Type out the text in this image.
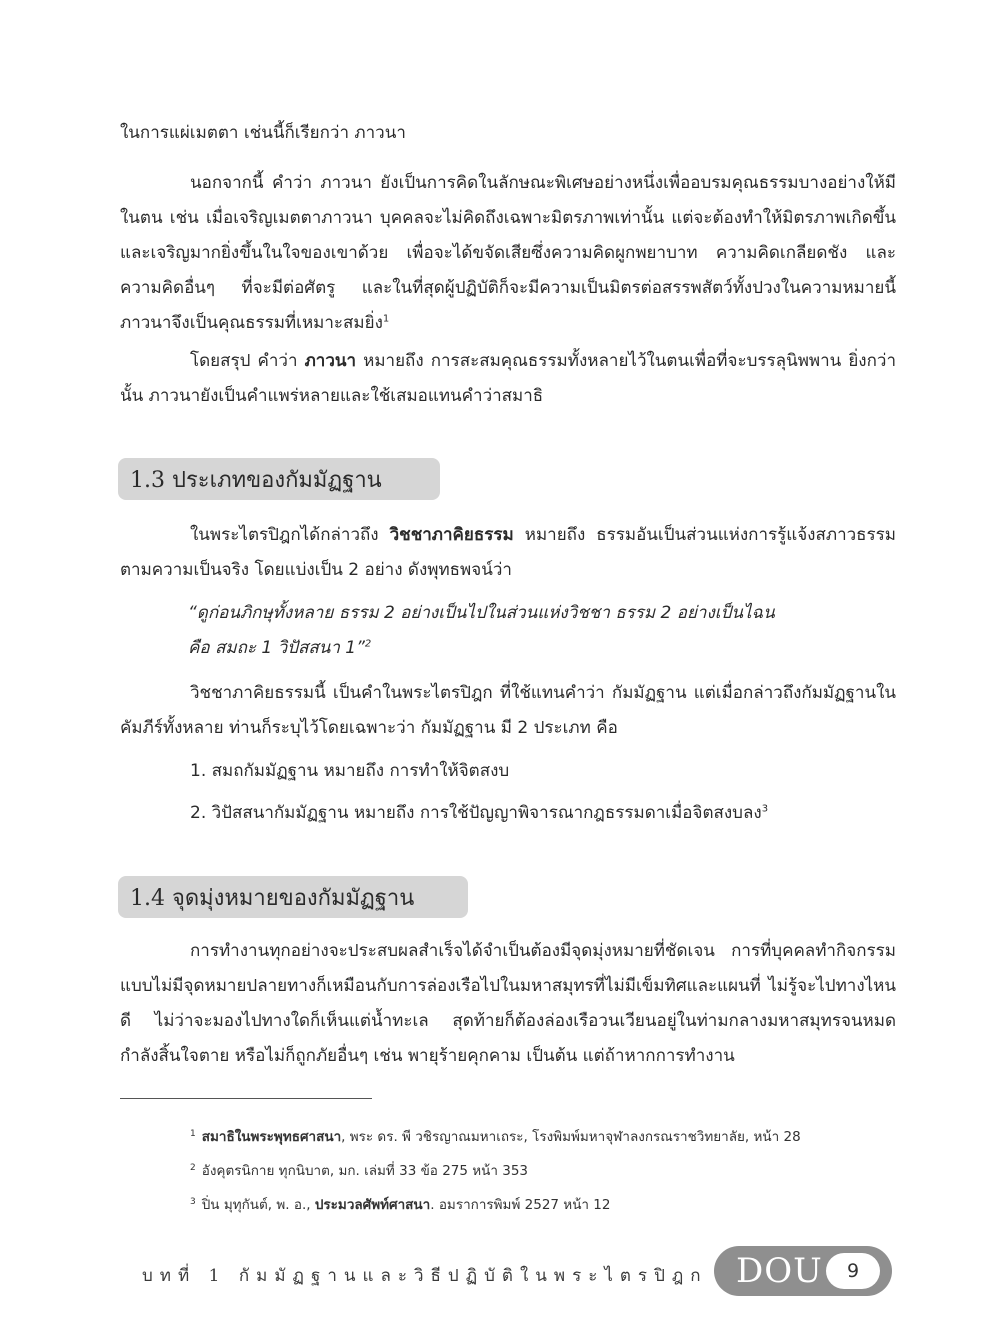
ในการแผ่เมตตา เช่นนี้ก็เรียกว่า ภาวนา

นอกจากนี้ คำว่า ภาวนา ยังเป็นการคิดในลักษณะพิเศษอย่างหนึ่งเพื่ออบรมคุณธรรมบางอย่างให้มีในตน เช่น เมื่อเจริญเมตตาภาวนา บุคคลจะไม่คิดถึงเฉพาะมิตรภาพเท่านั้น แต่จะต้องทำให้มิตรภาพเกิดขึ้นและเจริญมากยิ่งขึ้นในใจของเขาด้วย เพื่อจะได้ขจัดเสียซึ่งความคิดผูกพยาบาท ความคิดเกลียดชัง และความคิดอื่นๆ ที่จะมีต่อศัตรู และในที่สุดผู้ปฏิบัติก็จะมีความเป็นมิตรต่อสรรพสัตว์ทั้งปวงในความหมายนี้ภาวนาจึงเป็นคุณธรรมที่เหมาะสมยิ่ง$^1$

โดยสรุป คำว่า ภาวนา หมายถึง การสะสมคุณธรรมทั้งหลายไว้ในตนเพื่อที่จะบรรลุนิพพาน ยิ่งกว่านั้น ภาวนายังเป็นคำแพร่หลายและใช้เสมอแทนคำว่าสมาธิ

1.3 ประเภทของกัมมัฏฐาน

ในพระไตรปิฎกได้กล่าวถึง วิชชาภาคิยธรรม หมายถึง ธรรมอันเป็นส่วนแห่งการรู้แจ้งสภาวธรรมตามความเป็นจริง โดยแบ่งเป็น 2 อย่าง ดังพุทธพจน์ว่า

“ดูก่อนภิกษุทั้งหลาย ธรรม 2 อย่างเป็นไปในส่วนแห่งวิชชา ธรรม 2 อย่างเป็นไฉน
คือ สมถะ 1 วิปัสสนา 1”$^2$

วิชชาภาคิยธรรมนี้ เป็นคำในพระไตรปิฎก ที่ใช้แทนคำว่า กัมมัฏฐาน แต่เมื่อกล่าวถึงกัมมัฏฐานในคัมภีร์ทั้งหลาย ท่านก็ระบุไว้โดยเฉพาะว่า กัมมัฏฐาน มี 2 ประเภท คือ

1. สมถกัมมัฏฐาน หมายถึง การทำให้จิตสงบ

2. วิปัสสนากัมมัฏฐาน หมายถึง การใช้ปัญญาพิจารณากฎธรรมดาเมื่อจิตสงบลง$^3$

1.4 จุดมุ่งหมายของกัมมัฏฐาน

การทำงานทุกอย่างจะประสบผลสำเร็จได้จำเป็นต้องมีจุดมุ่งหมายที่ชัดเจน การที่บุคคลทำกิจกรรมแบบไม่มีจุดหมายปลายทางก็เหมือนกับการล่องเรือไปในมหาสมุทรที่ไม่มีเข็มทิศและแผนที่ ไม่รู้จะไปทางไหนดี ไม่ว่าจะมองไปทางใดก็เห็นแต่น้ำทะเล สุดท้ายก็ต้องล่องเรือวนเวียนอยู่ในท่ามกลางมหาสมุทรจนหมดกำลังสิ้นใจตาย หรือไม่ก็ถูกภัยอื่นๆ เช่น พายุร้ายคุกคาม เป็นต้น แต่ถ้าหากการทำงาน

$^1$ สมาธิในพระพุทธศาสนา, พระ ดร. พี วชิรญาณมหาเถระ, โรงพิมพ์มหาจุฬาลงกรณราชวิทยาลัย, หน้า 28

$^2$ อังคุตรนิกาย ทุกนิบาต, มก. เล่มที่ 33 ข้อ 275 หน้า 353

$^3$ ปิ่น มุทุกันต์, พ. อ., ประมวลศัพท์ศาสนา. อมราการพิมพ์ 2527 หน้า 12

บทที่ 1 กัมมัฏฐานและวิธีปฏิบัติในพระไตรปิฎก DOU	9
